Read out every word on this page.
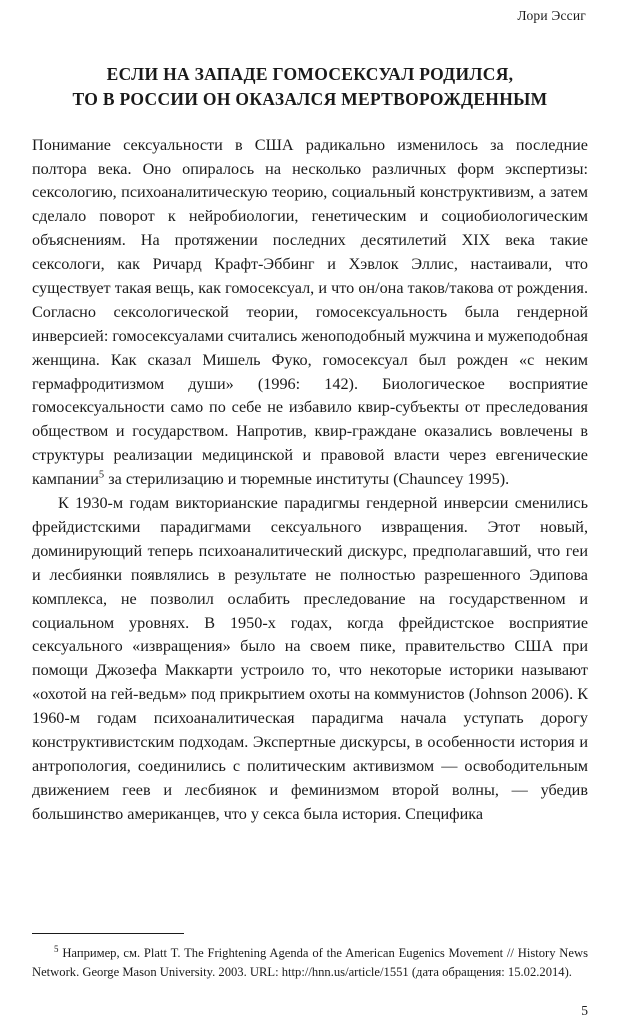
Лори Эссиг
ЕСЛИ НА ЗАПАДЕ ГОМОСЕКСУАЛ РОДИЛСЯ,
ТО В РОССИИ ОН ОКАЗАЛСЯ МЕРТВОРОЖДЕННЫМ

Понимание сексуальности в США радикально изменилось за последние полтора века. Оно опиралось на несколько различных форм экспертизы: сексологию, психоаналитическую теорию, социальный конструктивизм, а затем сделало поворот к нейробиологии, генетическим и социобиологическим объяснениям. На протяжении последних десятилетий XIX века такие сексологи, как Ричард Крафт-Эббинг и Хэвлок Эллис, настаивали, что существует такая вещь, как гомосексуал, и что он/она таков/такова от рождения. Согласно сексологической теории, гомосексуальность была гендерной инверсией: гомосексуалами считались женоподобный мужчина и мужеподобная женщина. Как сказал Мишель Фуко, гомосексуал был рожден «с неким гермафродитизмом души» (1996: 142). Биологическое восприятие гомосексуальности само по себе не избавило квир-субъекты от преследования обществом и государством. Напротив, квир-граждане оказались вовлечены в структуры реализации медицинской и правовой власти через евгенические кампании$^5$ за стерилизацию и тюремные институты (Chauncey 1995).

К 1930-м годам викторианские парадигмы гендерной инверсии сменились фрейдистскими парадигмами сексуального извращения. Этот новый, доминирующий теперь психоаналитический дискурс, предполагавший, что геи и лесбиянки появлялись в результате не полностью разрешенного Эдипова комплекса, не позволил ослабить преследование на государственном и социальном уровнях. В 1950-х годах, когда фрейдистское восприятие сексуального «извращения» было на своем пике, правительство США при помощи Джозефа Маккарти устроило то, что некоторые историки называют «охотой на гей-ведьм» под прикрытием охоты на коммунистов (Johnson 2006). К 1960-м годам психоаналитическая парадигма начала уступать дорогу конструктивистским подходам. Экспертные дискурсы, в особенности история и антропология, соединились с политическим активизмом — освободительным движением геев и лесбиянок и феминизмом второй волны, — убедив большинство американцев, что у секса была история. Специфика

$^5$ Например, см. Platt T. The Frightening Agenda of the American Eugenics Movement // History News Network. George Mason University. 2003. URL: http://hnn.us/article/1551 (дата обращения: 15.02.2014).

5
